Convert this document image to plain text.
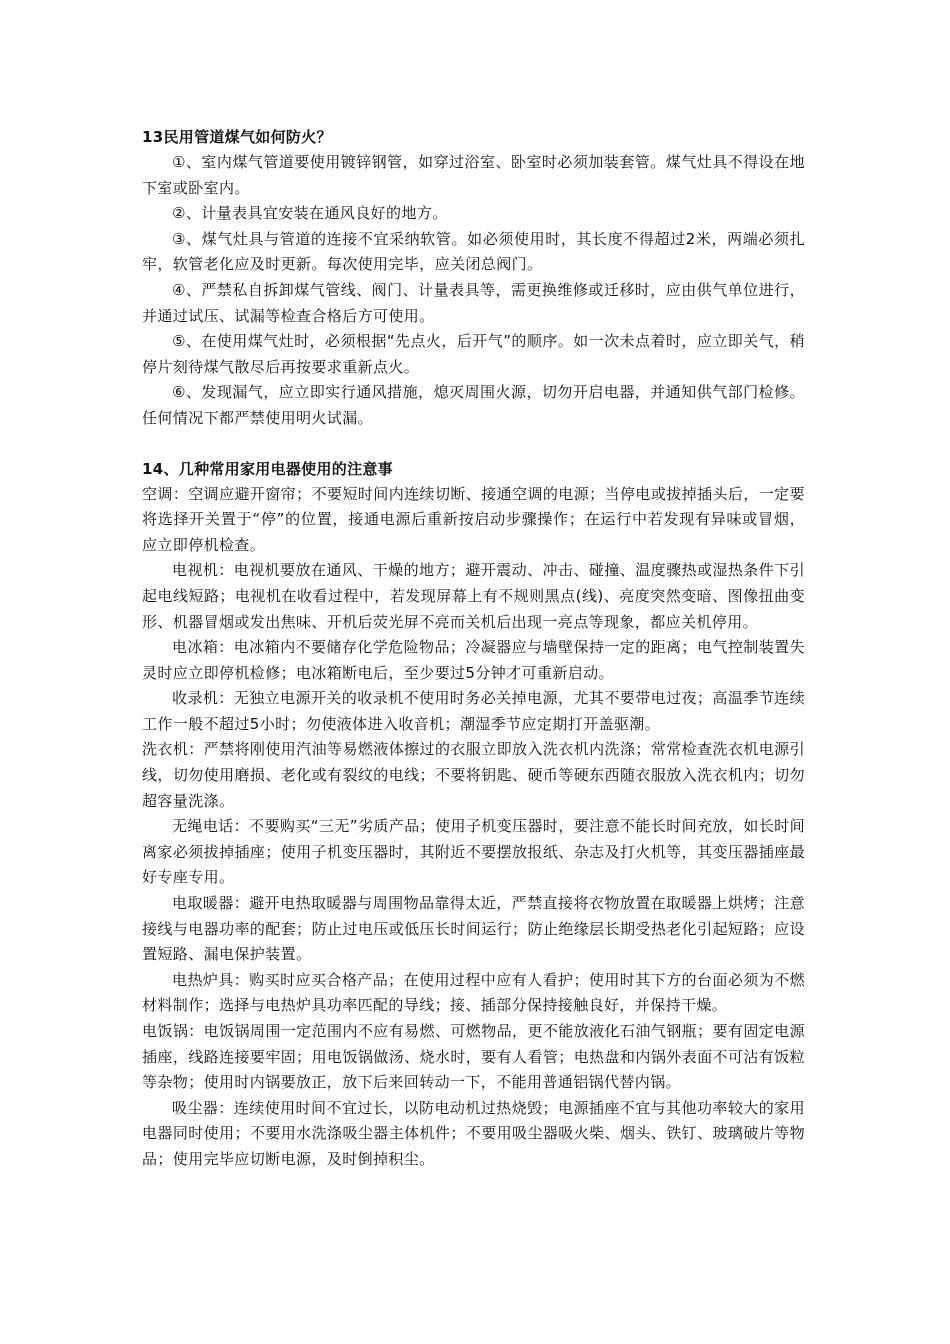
13民用管道煤气如何防火？

①、室内煤气管道要使用镀锌钢管，如穿过浴室、卧室时必须加装套管。煤气灶具不得设在地下室或卧室内。

②、计量表具宜安装在通风良好的地方。

③、煤气灶具与管道的连接不宜采纳软管。如必须使用时，其长度不得超过2米，两端必须扎牢，软管老化应及时更新。每次使用完毕，应关闭总阀门。

④、严禁私自拆卸煤气管线、阀门、计量表具等，需更换维修或迁移时，应由供气单位进行，并通过试压、试漏等检查合格后方可使用。

⑤、在使用煤气灶时，必须根据“先点火，后开气”的顺序。如一次未点着时，应立即关气，稍停片刻待煤气散尽后再按要求重新点火。

⑥、发现漏气，应立即实行通风措施，熄灭周围火源，切勿开启电器，并通知供气部门检修。任何情况下都严禁使用明火试漏。

14、几种常用家用电器使用的注意事

空调：空调应避开窗帘；不要短时间内连续切断、接通空调的电源；当停电或拔掉插头后，一定要将选择开关置于“停”的位置，接通电源后重新按启动步骤操作；在运行中若发现有异味或冒烟，应立即停机检查。

电视机：电视机要放在通风、干燥的地方；避开震动、冲击、碰撞、温度骤热或湿热条件下引起电线短路；电视机在收看过程中，若发现屏幕上有不规则黑点(线)、亮度突然变暗、图像扭曲变形、机器冒烟或发出焦味、开机后荧光屏不亮而关机后出现一亮点等现象，都应关机停用。

电冰箱：电冰箱内不要储存化学危险物品；冷凝器应与墙壁保持一定的距离；电气控制装置失灵时应立即停机检修；电冰箱断电后，至少要过5分钟才可重新启动。

收录机：无独立电源开关的收录机不使用时务必关掉电源，尤其不要带电过夜；高温季节连续工作一般不超过5小时；勿使液体进入收音机；潮湿季节应定期打开盖驱潮。

洗衣机：严禁将刚使用汽油等易燃液体擦过的衣服立即放入洗衣机内洗涤；常常检查洗衣机电源引线，切勿使用磨损、老化或有裂纹的电线；不要将钥匙、硬币等硬东西随衣服放入洗衣机内；切勿超容量洗涤。

无绳电话：不要购买“三无”劣质产品；使用子机变压器时，要注意不能长时间充放，如长时间离家必须拔掉插座；使用子机变压器时，其附近不要摆放报纸、杂志及打火机等，其变压器插座最好专座专用。

电取暖器：避开电热取暖器与周围物品靠得太近，严禁直接将衣物放置在取暖器上烘烤；注意接线与电器功率的配套；防止过电压或低压长时间运行；防止绝缘层长期受热老化引起短路；应设置短路、漏电保护装置。

电热炉具：购买时应买合格产品；在使用过程中应有人看护；使用时其下方的台面必须为不燃材料制作；选择与电热炉具功率匹配的导线；接、插部分保持接触良好，并保持干燥。

电饭锅：电饭锅周围一定范围内不应有易燃、可燃物品，更不能放液化石油气钢瓶；要有固定电源插座，线路连接要牢固；用电饭锅做汤、烧水时，要有人看管；电热盘和内锅外表面不可沾有饭粒等杂物；使用时内锅要放正，放下后来回转动一下，不能用普通铝锅代替内锅。

吸尘器：连续使用时间不宜过长，以防电动机过热烧毁；电源插座不宜与其他功率较大的家用电器同时使用；不要用水洗涤吸尘器主体机件；不要用吸尘器吸火柴、烟头、铁钉、玻璃破片等物品；使用完毕应切断电源，及时倒掉积尘。
